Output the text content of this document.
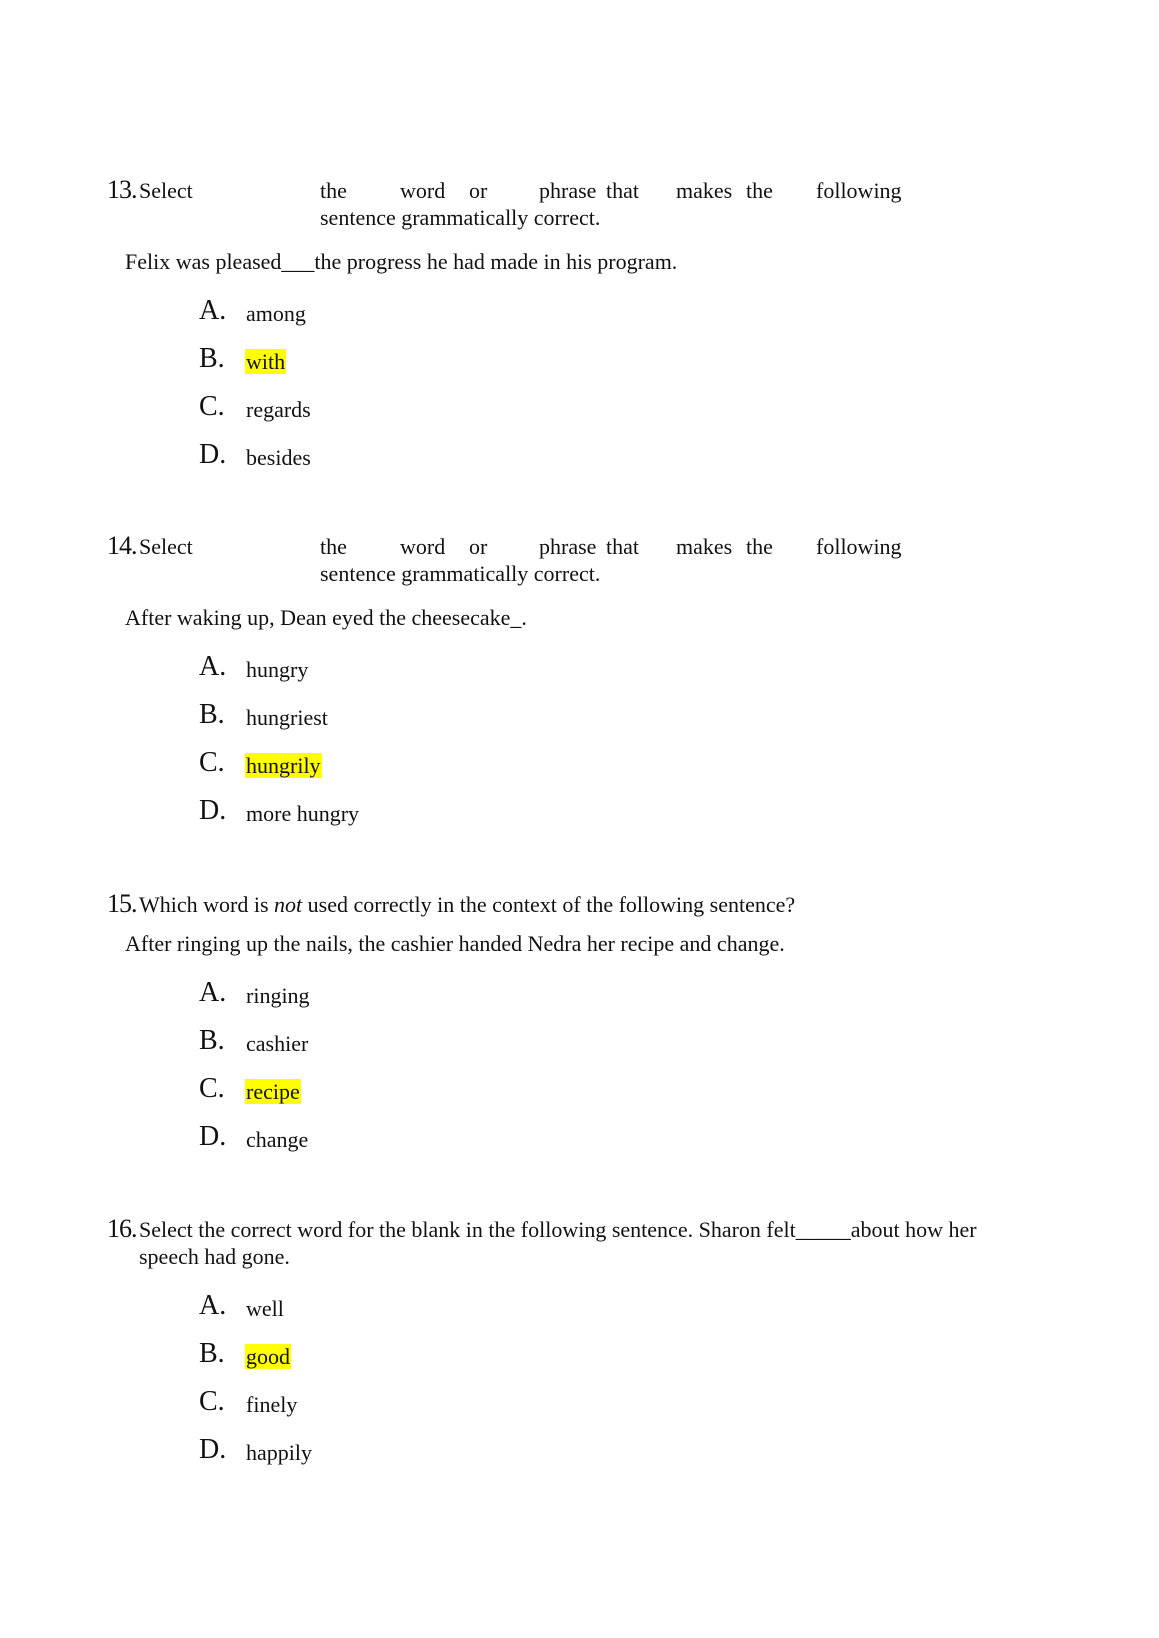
13. Select	the word or phrase that makes the following
sentence grammatically correct.
Felix was pleased___the progress he had made in his program.
A. among
B. with
C. regards
D. besides
14. Select	the word or phrase that makes the following
sentence grammatically correct.
After waking up, Dean eyed the cheesecake_.
A. hungry
B. hungriest
C. hungrily
D. more hungry
15. Which word is not used correctly in the context of the following sentence?
After ringing up the nails, the cashier handed Nedra her recipe and change.
A. ringing
B. cashier
C. recipe
D. change
16. Select the correct word for the blank in the following sentence. Sharon felt_____about how her
speech had gone.
A. well
B. good
C. finely
D. happily
